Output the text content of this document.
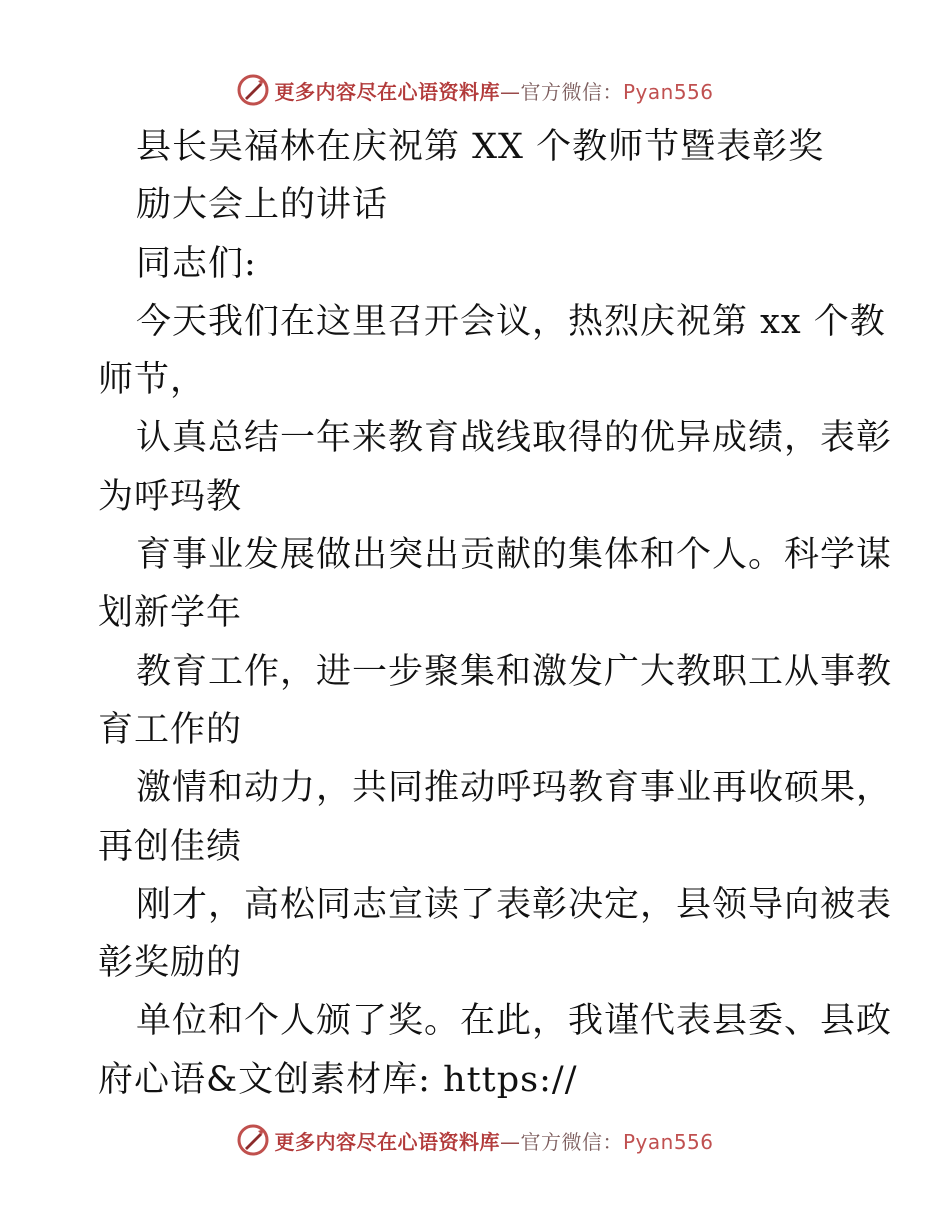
更多内容尽在心语资料库—官方微信：Pyan556
县长吴福林在庆祝第 XX 个教师节暨表彰奖
励大会上的讲话
同志们:
今天我们在这里召开会议，热烈庆祝第 xx 个教
师节，
认真总结一年来教育战线取得的优异成绩，表彰
为呼玛教
育事业发展做出突出贡献的集体和个人。科学谋
划新学年
教育工作，进一步聚集和激发广大教职工从事教
育工作的
激情和动力，共同推动呼玛教育事业再收硕果，
再创佳绩
刚才，高松同志宣读了表彰决定，县领导向被表
彰奖励的
单位和个人颁了奖。在此，我谨代表县委、县政
府心语&文创素材库: https://
更多内容尽在心语资料库—官方微信：Pyan556
